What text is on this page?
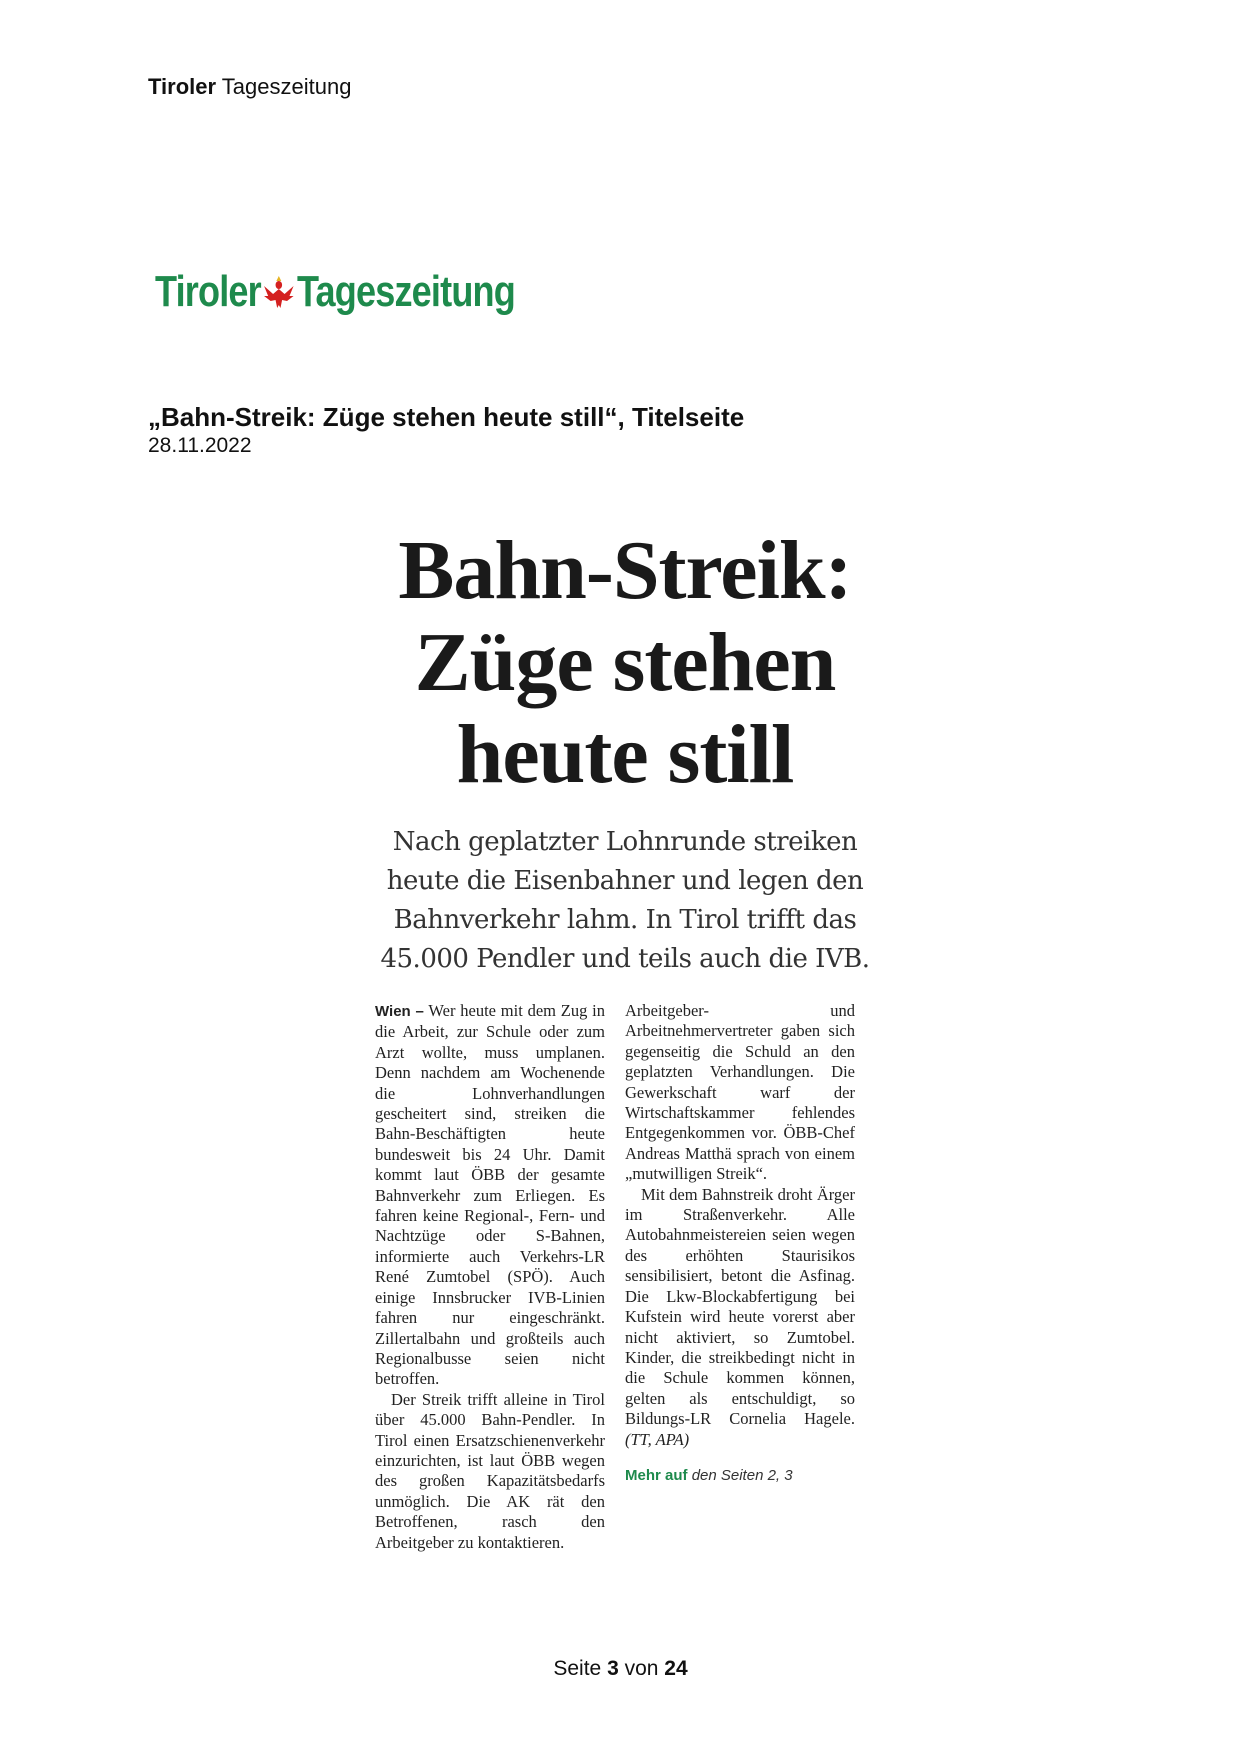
Tiroler Tageszeitung
Tiroler Tageszeitung
„Bahn-Streik: Züge stehen heute still“, Titelseite
28.11.2022
Bahn-Streik:
Züge stehen
heute still

Nach geplatzter Lohnrunde streiken heute die Eisenbahner und legen den Bahnverkehr lahm. In Tirol trifft das 45.000 Pendler und teils auch die IVB.

Wien – Wer heute mit dem Zug in die Arbeit, zur Schule oder zum Arzt wollte, muss umplanen. Denn nachdem am Wochenende die Lohnverhandlungen gescheitert sind, streiken die Bahn-Beschäftigten heute bundesweit bis 24 Uhr. Damit kommt laut ÖBB der gesamte Bahnverkehr zum Erliegen. Es fahren keine Regional-, Fern- und Nachtzüge oder S-Bahnen, informierte auch Verkehrs-LR René Zumtobel (SPÖ). Auch einige Innsbrucker IVB-Linien fahren nur eingeschränkt. Zillertalbahn und großteils auch Regionalbusse seien nicht betroffen.

Der Streik trifft alleine in Tirol über 45.000 Bahn-Pendler. In Tirol einen Ersatzschienenverkehr einzurichten, ist laut ÖBB wegen des großen Kapazitätsbedarfs unmöglich. Die AK rät den Betroffenen, rasch den Arbeitgeber zu kontaktieren.

Arbeitgeber- und Arbeitnehmervertreter gaben sich gegenseitig die Schuld an den geplatzten Verhandlungen. Die Gewerkschaft warf der Wirtschaftskammer fehlendes Entgegenkommen vor. ÖBB-Chef Andreas Matthä sprach von einem „mutwilligen Streik“.

Mit dem Bahnstreik droht Ärger im Straßenverkehr. Alle Autobahnmeistereien seien wegen des erhöhten Staurisikos sensibilisiert, betont die Asfinag. Die Lkw-Blockabfertigung bei Kufstein wird heute vorerst aber nicht aktiviert, so Zumtobel. Kinder, die streikbedingt nicht in die Schule kommen können, gelten als entschuldigt, so Bildungs-LR Cornelia Hagele. (TT, APA)

Mehr auf den Seiten 2, 3
Seite 3 von 24
